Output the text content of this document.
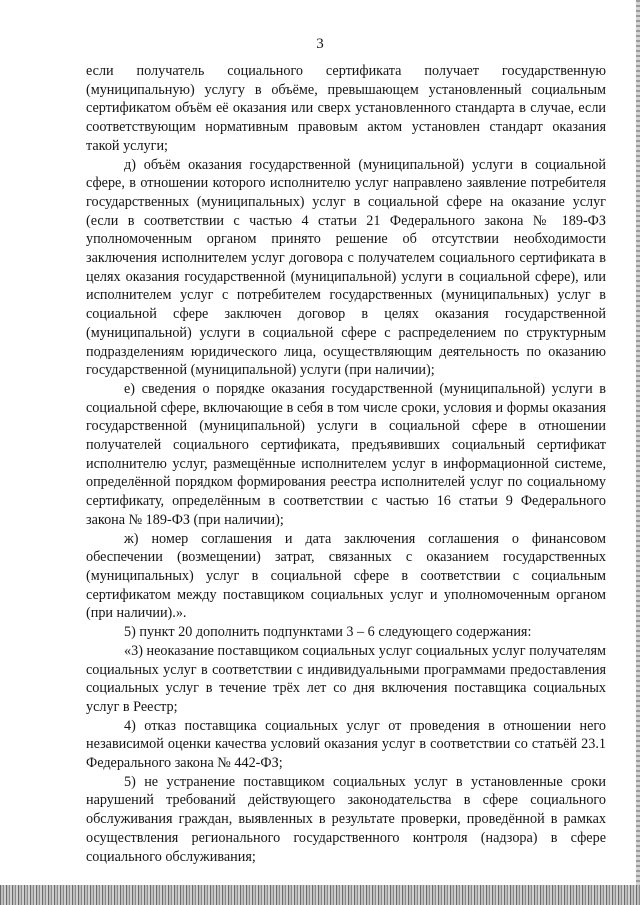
3

если получатель социального сертификата получает государственную (муниципальную) услугу в объёме, превышающем установленный социальным сертификатом объём её оказания или сверх установленного стандарта в случае, если соответствующим нормативным правовым актом установлен стандарт оказания такой услуги;

д) объём оказания государственной (муниципальной) услуги в социальной сфере, в отношении которого исполнителю услуг направлено заявление потребителя государственных (муниципальных) услуг в социальной сфере на оказание услуг (если в соответствии с частью 4 статьи 21 Федерального закона № 189-ФЗ уполномоченным органом принято решение об отсутствии необходимости заключения исполнителем услуг договора с получателем социального сертификата в целях оказания государственной (муниципальной) услуги в социальной сфере), или исполнителем услуг с потребителем государственных (муниципальных) услуг в социальной сфере заключен договор в целях оказания государственной (муниципальной) услуги в социальной сфере с распределением по структурным подразделениям юридического лица, осуществляющим деятельность по оказанию государственной (муниципальной) услуги (при наличии);

е) сведения о порядке оказания государственной (муниципальной) услуги в социальной сфере, включающие в себя в том числе сроки, условия и формы оказания государственной (муниципальной) услуги в социальной сфере в отношении получателей социального сертификата, предъявивших социальный сертификат исполнителю услуг, размещённые исполнителем услуг в информационной системе, определённой порядком формирования реестра исполнителей услуг по социальному сертификату, определённым в соответствии с частью 16 статьи 9 Федерального закона № 189-ФЗ (при наличии);

ж) номер соглашения и дата заключения соглашения о финансовом обеспечении (возмещении) затрат, связанных с оказанием государственных (муниципальных) услуг в социальной сфере в соответствии с социальным сертификатом между поставщиком социальных услуг и уполномоченным органом (при наличии).».

5) пункт 20 дополнить подпунктами 3 – 6 следующего содержания:

«3) неоказание поставщиком социальных услуг социальных услуг получателям социальных услуг в соответствии с индивидуальными программами предоставления социальных услуг в течение трёх лет со дня включения поставщика социальных услуг в Реестр;

4) отказ поставщика социальных услуг от проведения в отношении него независимой оценки качества условий оказания услуг в соответствии со статьёй 23.1 Федерального закона № 442-ФЗ;

5) не устранение поставщиком социальных услуг в установленные сроки нарушений требований действующего законодательства в сфере социального обслуживания граждан, выявленных в результате проверки, проведённой в рамках осуществления регионального государственного контроля (надзора) в сфере социального обслуживания;
